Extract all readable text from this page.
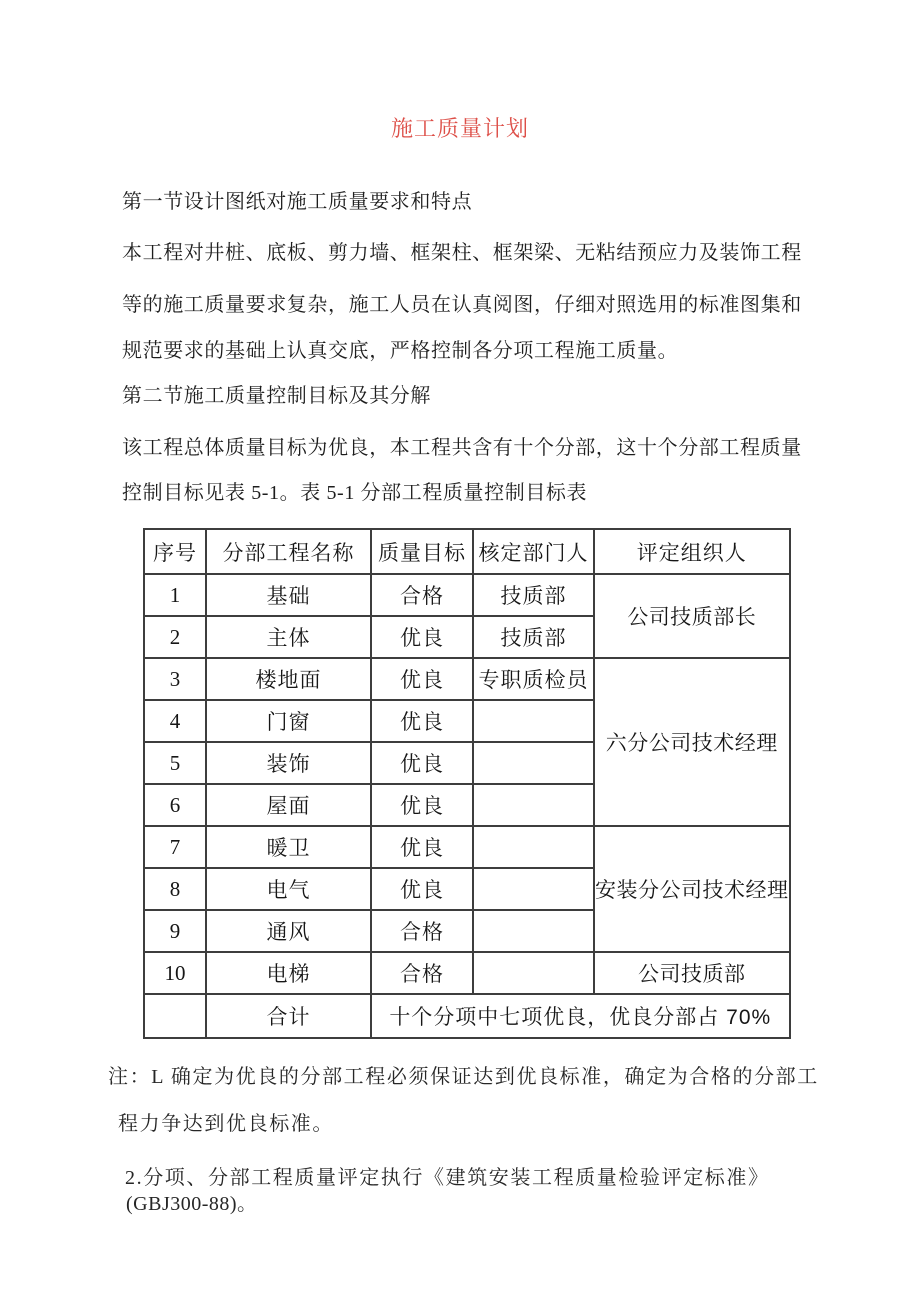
施工质量计划
第一节设计图纸对施工质量要求和特点
本工程对井桩、底板、剪力墙、框架柱、框架梁、无粘结预应力及装饰工程
等的施工质量要求复杂，施工人员在认真阅图，仔细对照选用的标准图集和
规范要求的基础上认真交底，严格控制各分项工程施工质量。
第二节施工质量控制目标及其分解
该工程总体质量目标为优良，本工程共含有十个分部，这十个分部工程质量
控制目标见表 5-1。表 5-1 分部工程质量控制目标表
序号	分部工程名称	质量目标	核定部门人	评定组织人
1	基础	合格	技质部	公司技质部长
2	主体	优良	技质部	
3	楼地面	优良	专职质检员	六分公司技术经理
4	门窗	优良		
5	装饰	优良		
6	屋面	优良		
7	暖卫	优良		安装分公司技术经理
8	电气	优良		
9	通风	合格		
10	电梯	合格		公司技质部
	合计	十个分项中七项优良，优良分部占 70%		
注：L 确定为优良的分部工程必须保证达到优良标准，确定为合格的分部工
程力争达到优良标准。
2.分项、分部工程质量评定执行《建筑安装工程质量检验评定标准》
(GBJ300-88)。
